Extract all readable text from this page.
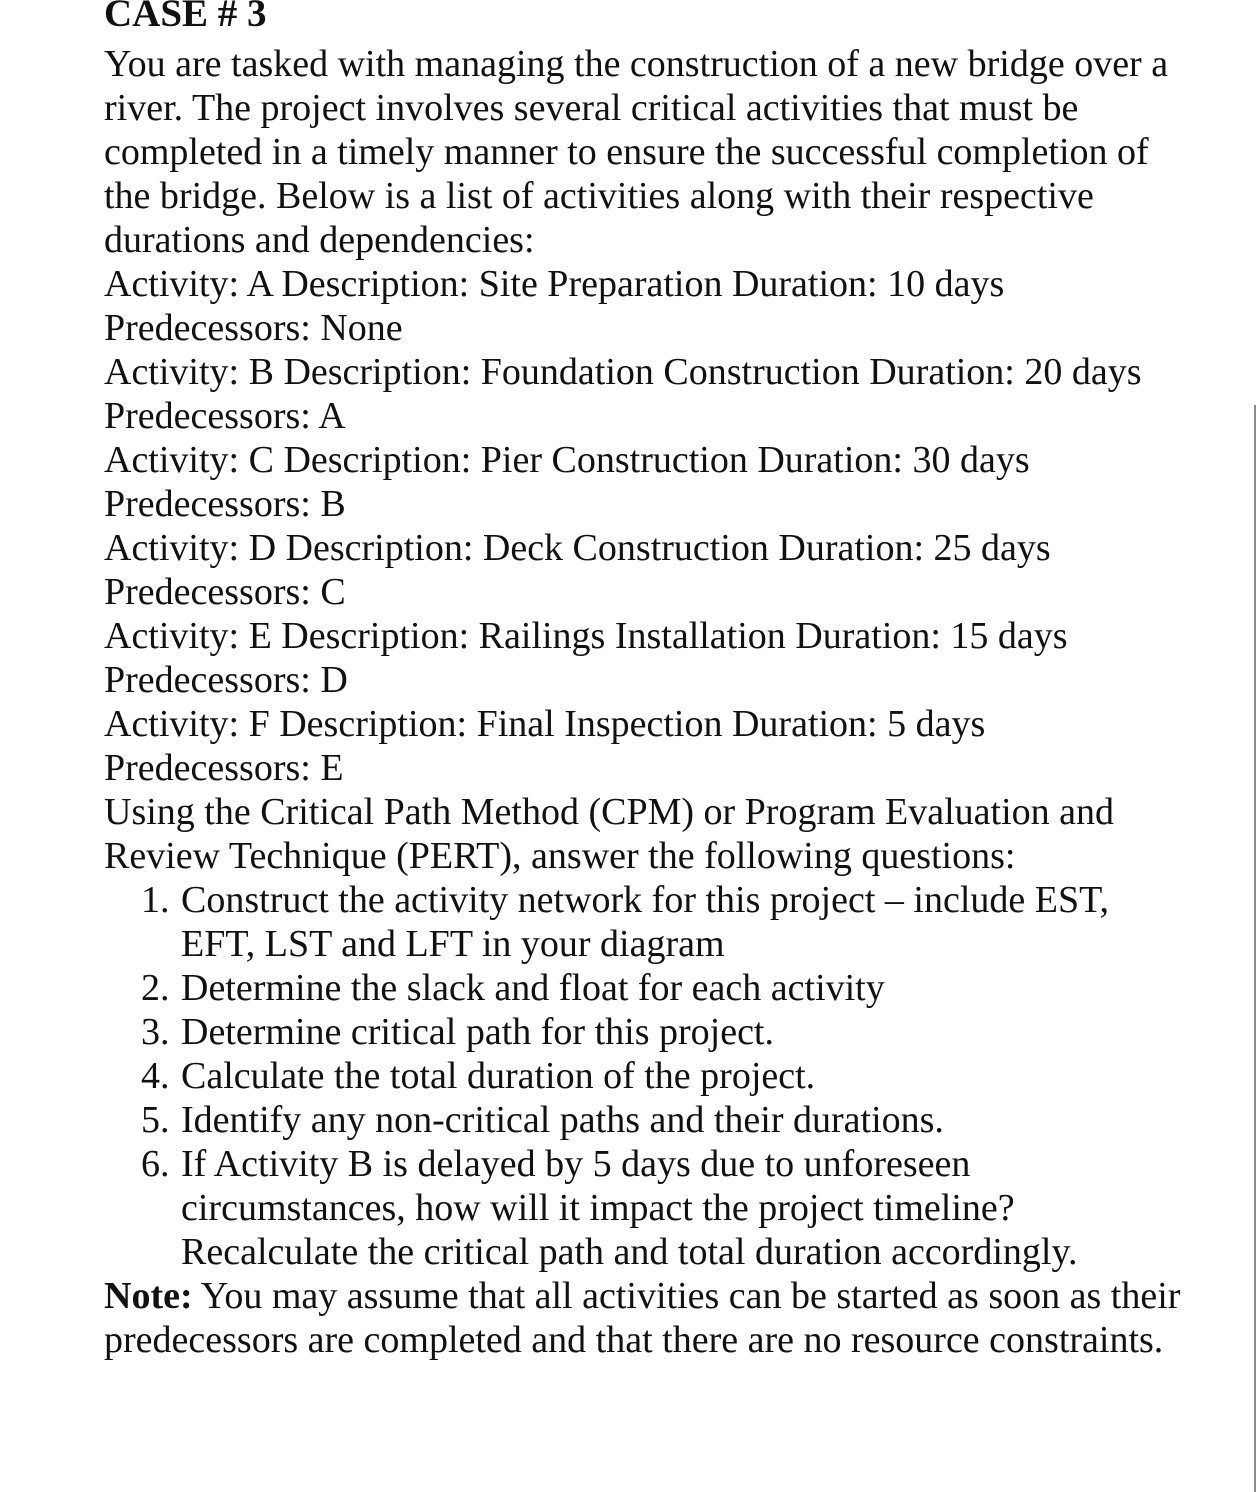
CASE # 3

You are tasked with managing the construction of a new bridge over a river. The project involves several critical activities that must be completed in a timely manner to ensure the successful completion of the bridge. Below is a list of activities along with their respective durations and dependencies:

Activity: A Description: Site Preparation Duration: 10 days

Predecessors: None

Activity: B Description: Foundation Construction Duration: 20 days

Predecessors: A

Activity: C Description: Pier Construction Duration: 30 days

Predecessors: B

Activity: D Description: Deck Construction Duration: 25 days

Predecessors: C

Activity: E Description: Railings Installation Duration: 15 days

Predecessors: D

Activity: F Description: Final Inspection Duration: 5 days

Predecessors: E

Using the Critical Path Method (CPM) or Program Evaluation and Review Technique (PERT), answer the following questions:

1. Construct the activity network for this project – include EST, EFT, LST and LFT in your diagram
2. Determine the slack and float for each activity
3. Determine critical path for this project.
4. Calculate the total duration of the project.
5. Identify any non-critical paths and their durations.
6. If Activity B is delayed by 5 days due to unforeseen circumstances, how will it impact the project timeline? Recalculate the critical path and total duration accordingly.

Note: You may assume that all activities can be started as soon as their predecessors are completed and that there are no resource constraints.
